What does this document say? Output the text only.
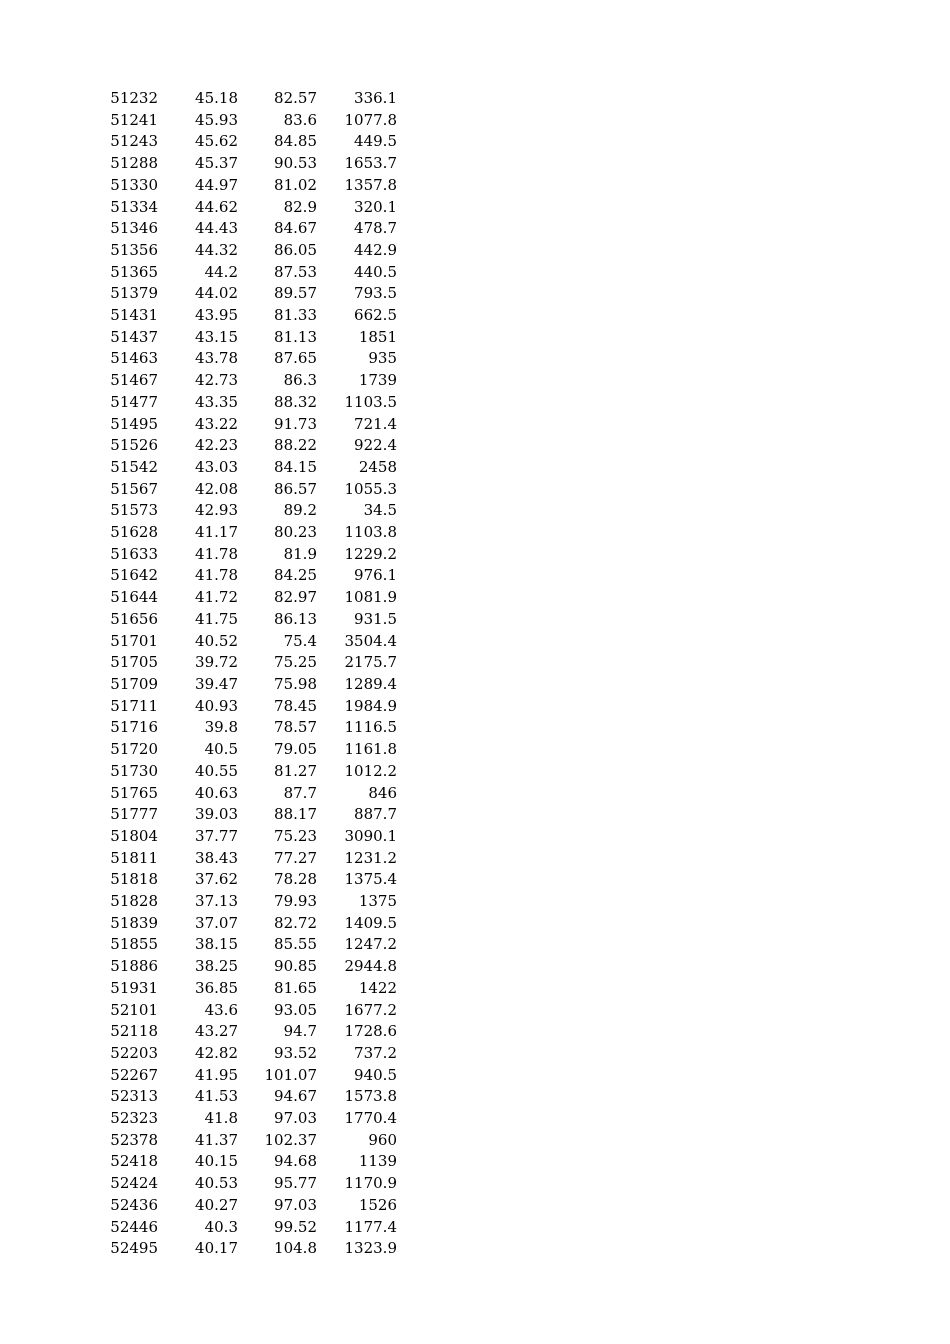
51232	45.18	82.57	336.1
51241	45.93	83.6	1077.8
51243	45.62	84.85	449.5
51288	45.37	90.53	1653.7
51330	44.97	81.02	1357.8
51334	44.62	82.9	320.1
51346	44.43	84.67	478.7
51356	44.32	86.05	442.9
51365	44.2	87.53	440.5
51379	44.02	89.57	793.5
51431	43.95	81.33	662.5
51437	43.15	81.13	1851
51463	43.78	87.65	935
51467	42.73	86.3	1739
51477	43.35	88.32	1103.5
51495	43.22	91.73	721.4
51526	42.23	88.22	922.4
51542	43.03	84.15	2458
51567	42.08	86.57	1055.3
51573	42.93	89.2	34.5
51628	41.17	80.23	1103.8
51633	41.78	81.9	1229.2
51642	41.78	84.25	976.1
51644	41.72	82.97	1081.9
51656	41.75	86.13	931.5
51701	40.52	75.4	3504.4
51705	39.72	75.25	2175.7
51709	39.47	75.98	1289.4
51711	40.93	78.45	1984.9
51716	39.8	78.57	1116.5
51720	40.5	79.05	1161.8
51730	40.55	81.27	1012.2
51765	40.63	87.7	846
51777	39.03	88.17	887.7
51804	37.77	75.23	3090.1
51811	38.43	77.27	1231.2
51818	37.62	78.28	1375.4
51828	37.13	79.93	1375
51839	37.07	82.72	1409.5
51855	38.15	85.55	1247.2
51886	38.25	90.85	2944.8
51931	36.85	81.65	1422
52101	43.6	93.05	1677.2
52118	43.27	94.7	1728.6
52203	42.82	93.52	737.2
52267	41.95	101.07	940.5
52313	41.53	94.67	1573.8
52323	41.8	97.03	1770.4
52378	41.37	102.37	960
52418	40.15	94.68	1139
52424	40.53	95.77	1170.9
52436	40.27	97.03	1526
52446	40.3	99.52	1177.4
52495	40.17	104.8	1323.9
